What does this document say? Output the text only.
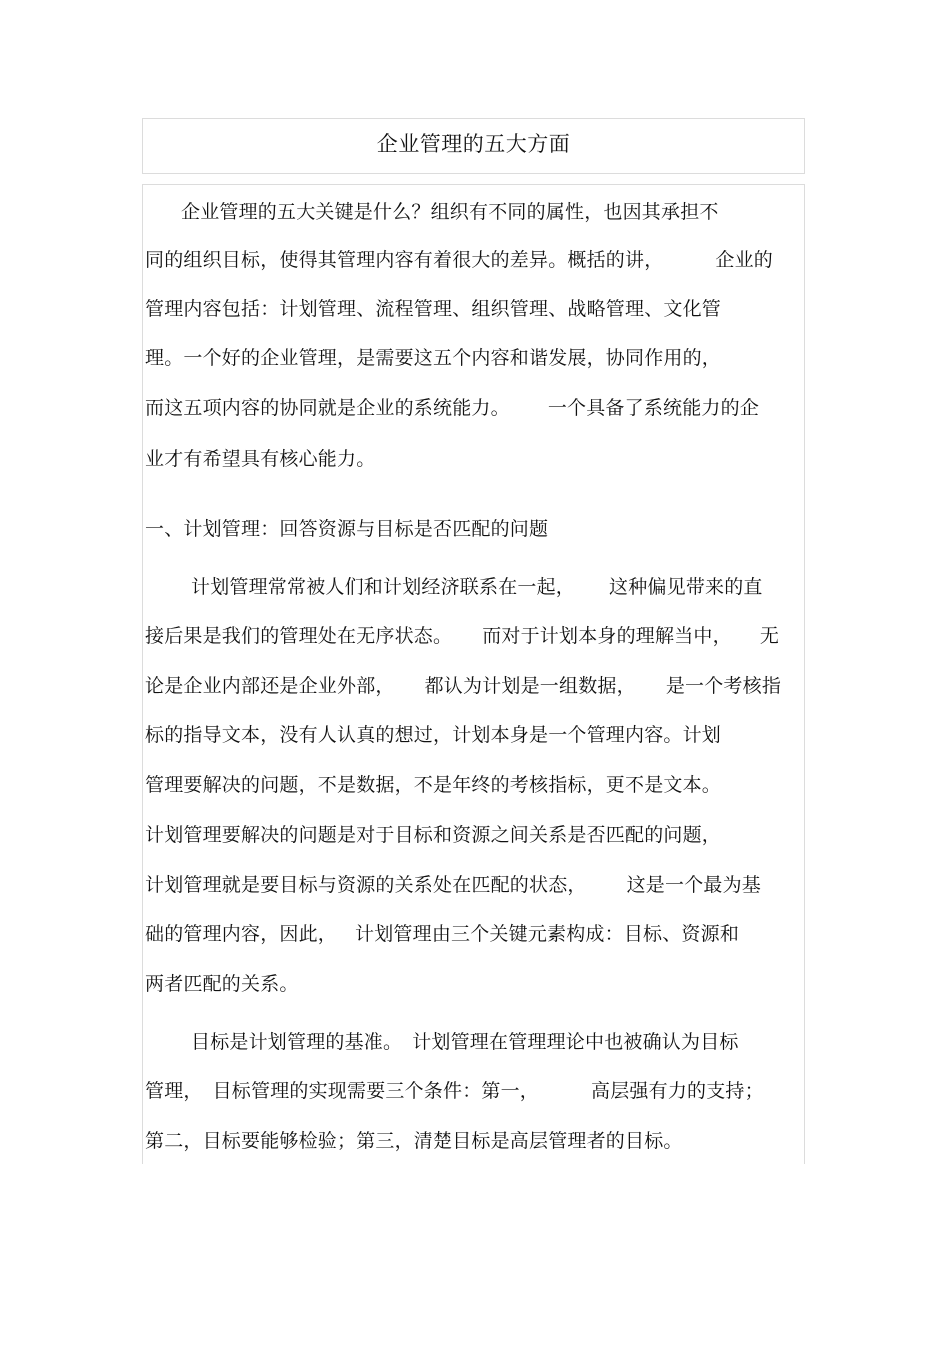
企业管理的五大方面
企业管理的五大关键是什么？组织有不同的属性，也因其承担不
同的组织目标，使得其管理内容有着很大的差异。概括的讲，	企业的
管理内容包括：计划管理、流程管理、组织管理、战略管理、文化管
理。一个好的企业管理，是需要这五个内容和谐发展，协同作用的，
而这五项内容的协同就是企业的系统能力。 一个具备了系统能力的企
业才有希望具有核心能力。
一、计划管理：回答资源与目标是否匹配的问题
计划管理常常被人们和计划经济联系在一起， 这种偏见带来的直
接后果是我们的管理处在无序状态。 而对于计划本身的理解当中， 无
论是企业内部还是企业外部， 都认为计划是一组数据， 是一个考核指
标的指导文本，没有人认真的想过，计划本身是一个管理内容。计划
管理要解决的问题，不是数据，不是年终的考核指标，更不是文本。
计划管理要解决的问题是对于目标和资源之间关系是否匹配的问题，
计划管理就是要目标与资源的关系处在匹配的状态， 这是一个最为基
础的管理内容，因此， 计划管理由三个关键元素构成：目标、资源和
两者匹配的关系。
目标是计划管理的基准。 计划管理在管理理论中也被确认为目标
管理， 目标管理的实现需要三个条件：第一，	高层强有力的支持；
第二，目标要能够检验；第三，清楚目标是高层管理者的目标。
